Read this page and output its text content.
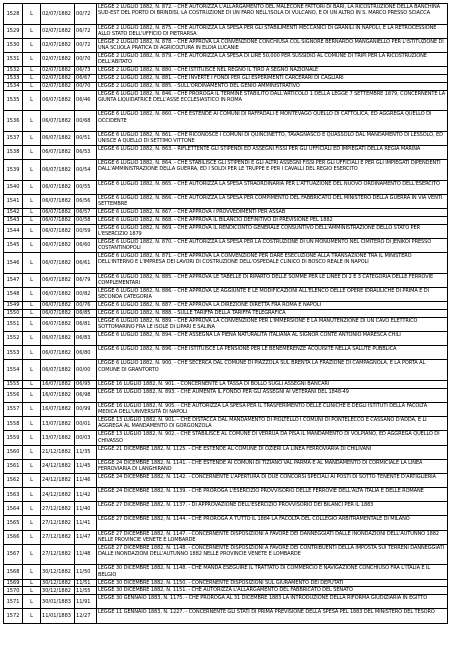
1528	L	02/07/1882	00/72	LEGGE 2 LUGLIO 1882, N. 872. - CHE AUTORIZZA L'ALLARGAMENTO DEL MALECONE FATTORI DI BARI, LA RICOSTRUZIONE DELLA BANCHINA SUD-EST DEL PORTO DI BRINDISI, LA COSTRUZIONE DI UN FARO NELL'ISOLA DI VULCANO, E DI UN ALTRO IN S. MARCO PRESSO SCIACCA
1529	L	02/07/1882	06/72	LEGGE 2 LUGLIO 1882, N. 875. - CHE AUTORIZZA LA SPESA PER GLI STABILIMENTI MECCANICI DI GRANILI IN NAPOLI, E LA RETROCESSIONE ALLO STATO DELL'UFFICIO DI PIETRARSA
1530	L	02/07/1882	00/72	LEGGE 2 LUGLIO 1882, N. 878. - CHE APPROVA LA CONVENZIONE CONCHIUSA COL SIGNORE BERNARDO MANGANIELLO PER L'ISTITUZIONE DI UNA SCUOLA PRATICA DI AGRICOLTURA IN ELOIA LUCANIE
1531	L	02/07/1882	00/70	LEGGE 2 LUGLIO 1882, N. 879. - CHE AUTORIZZA LA SPESA DI LIRE 50,000 PER SUSSIDIO AL COMUNE DI TRIPI PER LA RICOSTRUZIONE DELL'ABITATO
1532	L	02/07/1882	06/73	LEGGE 2 LUGLIO 1882, N. 880. - CHE ISTITUISCE NEL REGNO IL TIRO A SEGNO NAZIONALE
1533	L	02/07/1882	06/67	LEGGE 2 LUGLIO 1882, N. 881. - CHE INVERTE I FONDI PER GLI ESPERIMENTI CARCERARI DI CAGLIARI
1534	L	02/07/1882	00/70	LEGGE 2 LUGLIO 1882, N. 885. - SULL'ORDINAMENTO DEL GENIO AMMINISTRATIVO
1535	L	06/07/1882	06/46	LEGGE 6 LUGLIO 1882, N. 846. - CHE PROROGA IL TERMINE STABILITO DALL'ARTICOLO 1 DELLA LEGGE 7 SETTEMBRE 1879, CONCERNENTE LA GIUNTA LIQUIDATRICE DELL'ASSE ECCLESIASTICO IN ROMA
1536	L	06/07/1882	00/68	LEGGE 6 LUGLIO 1882, N. 860. - CHE ESTENDE AI COMUNI DI RAFFADALI E MONTEVAGO QUELLO DI CATTOLICA, ED AGGREGA QUELLO DI OCCIDENTE
1537	L	06/07/1882	00/51	LEGGE 6 LUGLIO 1882, N. 861. - CHE RICONOSCE I COMUNI DI QUINCINETTO, TAVAGNASCO E QUASSOLO DAL MANDAMENTO DI LESSOLO, ED UNISCE A QUELLO DI SETTIMO VITTONE
1538	L	06/07/1882	06/53	LEGGE 6 LUGLIO 1882, N. 863. - RIFLETTENTE GLI STIPENDI ED ASSEGNI FISSI PER GLI UFFICIALI ED IMPIEGATI DELLA REGIA MARINA
1539	L	06/07/1882	00/54	LEGGE 6 LUGLIO 1882, N. 864. - CHE STABILISCE GLI STIPENDI E GLI ALTRI ASSEGNI FISSI PER GLI UFFICIALI E PER GLI IMPIEGATI DIPENDENTI DALL'AMMINISTRAZIONE DELLA GUERRA, ED I SOLDI PER LE TRUPPE E PER I CAVALLI DEL REGIO ESERCITO
1540	L	06/07/1882	00/55	LEGGE 6 LUGLIO 1882, N. 865. - CHE AUTORIZZA LA SPESA STRAORDINARIA PER L'ATTUAZIONE DEL NUOVO ORDINAMENTO DELL'ESERCITO
1541	L	06/07/1882	06/56	LEGGE 6 LUGLIO 1882, N. 866. - CHE AUTORIZZA LA SPESA PER COMPIMENTO DEL FABBRICATO DEL MINISTERO DELLA GUERRA IN VIA VENTI SETTEMBRE
1542	L	06/07/1882	06/57	LEGGE 6 LUGLIO 1882, N. 867. - CHE APPROVA I PROVVEDIMENTI PER ASSAB
1543	L	06/07/1882	00/58	LEGGE 6 LUGLIO 1882, N. 868. - CHE APPROVA IL BILANCIO DEFINITIVO DI PREVISIONE PEL 1882
1544	L	06/07/1882	00/59	LEGGE 6 LUGLIO 1882, N. 869. - CHE APPROVA IL RENDICONTO GENERALE CONSUNTIVO DELL'AMMINISTRAZIONE DELLO STATO PER L'ESERCIZIO 1879
1545	L	06/07/1882	06/60	LEGGE 6 LUGLIO 1882, N. 870. - CHE AUTORIZZA LA SPESA PER LA COSTRUZIONE DI UN MONUMENTO NEL CIMITERO DI JENIKOI PRESSO COSTANTINOPOLI
1546	L	06/07/1882	06/61	LEGGE 6 LUGLIO 1882, N. 871. - CHE APPROVA LA CONVENZIONE PER DARE ESECUZIONE ALLA TRANSAZIONE TRA IL MINISTERO DELL'INTERNO E L'IMPRESA DEI LAVORI DI COSTRUZIONE DELL'OSPEDALE CLINICO DI BOSCO REALE IN NAPOLI
1547	L	06/07/1882	06/79	LEGGE 6 LUGLIO 1882, N. 885. - CHE APPROVA LE TABELLE DI RIPARTO DELLE SOMME PER LE LINEE DI 2 E 3 CATEGORIA DELLE FERROVIE COMPLEMENTARI
1548	L	06/07/1882	00/82	LEGGE 6 LUGLIO 1882, N. 886. - CHE APPROVA LE AGGIUNTE E LE MODIFICAZIONI ALL'ELENCO DELLE OPERE IDRAULICHE DI PRIMA E DI SECONDA CATEGORIA
1549	L	06/07/1882	00/76	LEGGE 6 LUGLIO 1882, N. 887. - CHE APPROVA LA DIREZIONE DIRETTA FRA ROMA E NAPOLI
1550	L	06/07/1882	06/85	LEGGE 6 LUGLIO 1882, N. 888. - SULLE TARIFFA DELLA TARIFFA TELEGRAFICA
1551	L	06/07/1882	06/81	LEGGE 6 LUGLIO 1882, N. 889. - CHE APPROVA LA CONVENZIONE PER L'IMMERSIONE E LA MANUTENZIONE DI UN CAVO ELETTRICO SOTTOMARINO FRA LE ISOLE DI LIPARI E SALINA
1552	L	06/07/1882	06/83	LEGGE 6 LUGLIO 1882, N. 894. - CHE ASSEGNA LA PIENA NATURALITÀ ITALIANA AL SIGNOR CONTE ANTONIO MARESCA CHILI
1553	L	06/07/1882	06/80	LEGGE 6 LUGLIO 1882, N. 896. - CHE ISTITUISCE LA PENSIONE PER LE BENEMERENZE ACQUISITE NELLA SALUTE PUBBLICA
1554	L	06/07/1882	00/00	LEGGE 6 LUGLIO 1882, N. 900. - CHE SECERCA DAL COMUNE DI PIAZZOLA SUL BRENTA LA FRAZIONE DI CAMPAGNOLA, E LA PORTA AL COMUNE DI GRANTORTO
1555	L	16/07/1882	06/95	LEGGE 16 LUGLIO 1882, N. 901. - CONCERNENTE LA TASSA DI BOLLO SUGLI ASSEGNI BANCARI
1556	L	16/07/1882	06/98	LEGGE 16 LUGLIO 1882, N. 893. - CHE AUMENTA IL FONDO PER GLI ASSEGNI AI VETERANI DEL 1848-49
1557	L	16/07/1882	00/99	LEGGE 16 LUGLIO 1882, N. 905. - CHE AUTORIZZA LA SPESA PER IL TRASFERIMENTO DELLE CLINICHE E DEGLI ISTITUTI DELLA FACOLTÀ MEDICA DELL'UNIVERSITÀ DI NAPOLI
1558	L	13/07/1882	00/01	LEGGE 13 LUGLIO 1882, N. 901. - CHE DISTACCA DAL MANDAMENTO DI PIOLTELLO I COMUNI DI PONTELECCO E CASSANO D'ADDA, E LI AGGREGA AL MANDAMENTO DI GORGONZOLA
1559	L	13/07/1882	00/03	LEGGE 13 LUGLIO 1882, N. 902. - CHE STABILISCE AL COMUNE DI VERRUA DA PISA IL MANDAMENTO DI VOLPIANO, ED AGGREGA QUELLO DI CHIVASSO
1560	L	21/12/1882	11/35	LEGGE 21 DICEMBRE 1882, N. 1125. - CHE ESTENDE AL COMUNE DI OZIERI LA LINEA FERROVIARIA DI CHILIVANI
1561	L	24/12/1882	11/45	LEGGE 24 DICEMBRE 1882, N. 1141. - CHE ESTENDE AI COMUNI DI TIZIANO VAL PARMA E AL MANDAMENTO DI CORMICIALE LA LINEA FERROVIARIA DI LANGHIRANO
1562	L	24/12/1882	11/46	LEGGE 24 DICEMBRE 1882, N. 1142. - CONCERNENTE L'APERTURA DI DUE CONCORSI SPECIALI AI POSTI DI SOTTO TENENTE D'ARTIGLIERIA
1563	L	24/12/1882	11/42	LEGGE 24 DICEMBRE 1882, N. 1139. - CHE PROROGA L'ESERCIZIO PROVVISORIO DELLE FERROVIE DELL'ALTA ITALIA E DELLE ROMANE
1564	L	27/12/1882	11/40	LEGGE 27 DICEMBRE 1882, N. 1137. - DI APPROVAZIONE DELL'ESERCIZIO PROVVISORIO DEI BILANCI PER IL 1883
1565	L	27/12/1882	11/41	LEGGE 27 DICEMBRE 1882, N. 1144. - CHE PROROGA A TUTTO IL 1884 LA FACOLTÀ DEL COLLEGIO ARBITRAMENTALE DI MILANO
1566	L	27/12/1882	11/47	LEGGE 27 DICEMBRE 1882, N. 1147. - CONCERNENTE DISPOSIZIONI A FAVORE DEI DANNEGGIATI DALLE INONDAZIONI DELL'AUTUNNO 1882 NELLE PROVINCIE VENETE E LOMBARDE
1567	L	27/12/1882	11/48	LEGGE 27 DICEMBRE 1882, N. 1148. - CONCERNENTE DISPOSIZIONI A FAVORE DEI CONTRIBUENTI DELLA IMPOSTA SUI TERRENI DANNEGGIATI DALLE INONDAZIONI DELL'AUTUNNO 1882 NELLE PROVINCIE VENETE E LOMBARDE
1568	L	30/12/1882	11/50	LEGGE 30 DICEMBRE 1882, N. 1148. - CHE MANDA ESEGUIRE IL TRATTATO DI COMMERCIO E NAVIGAZIONE CONCHIUSO FRA L'ITALIA E IL BELGIO
1569	L	30/12/1882	11/51	LEGGE 30 DICEMBRE 1882, N. 1150. - CONCERNENTE DISPOSIZIONI SUL GIURAMENTO DEI DEPUTATI
1570	L	30/12/1882	11/55	LEGGE 30 DICEMBRE 1882, N. 1151. - CHE AUTORIZZA L'ALLARGAMENTO DEL FABBRICATO DEL SENATO
1571	L	30/01/1883	11/91	LEGGE 30 GENNAIO 1883, N. 1175. - CHE PROROGA AL 31 DICEMBRE 1883 LA INTRODUZIONE DELLA RIFORMA GIUDIZIARIA IN EGITTO
1572	L	11/01/1883	12/27	LEGGE 11 GENNAIO 1883, N. 1227. - CONCERNENTE GLI STATI DI PRIMA PREVISIONE DELLA SPESA PEL 1883 DEL MINISTERO DEL TESORO
